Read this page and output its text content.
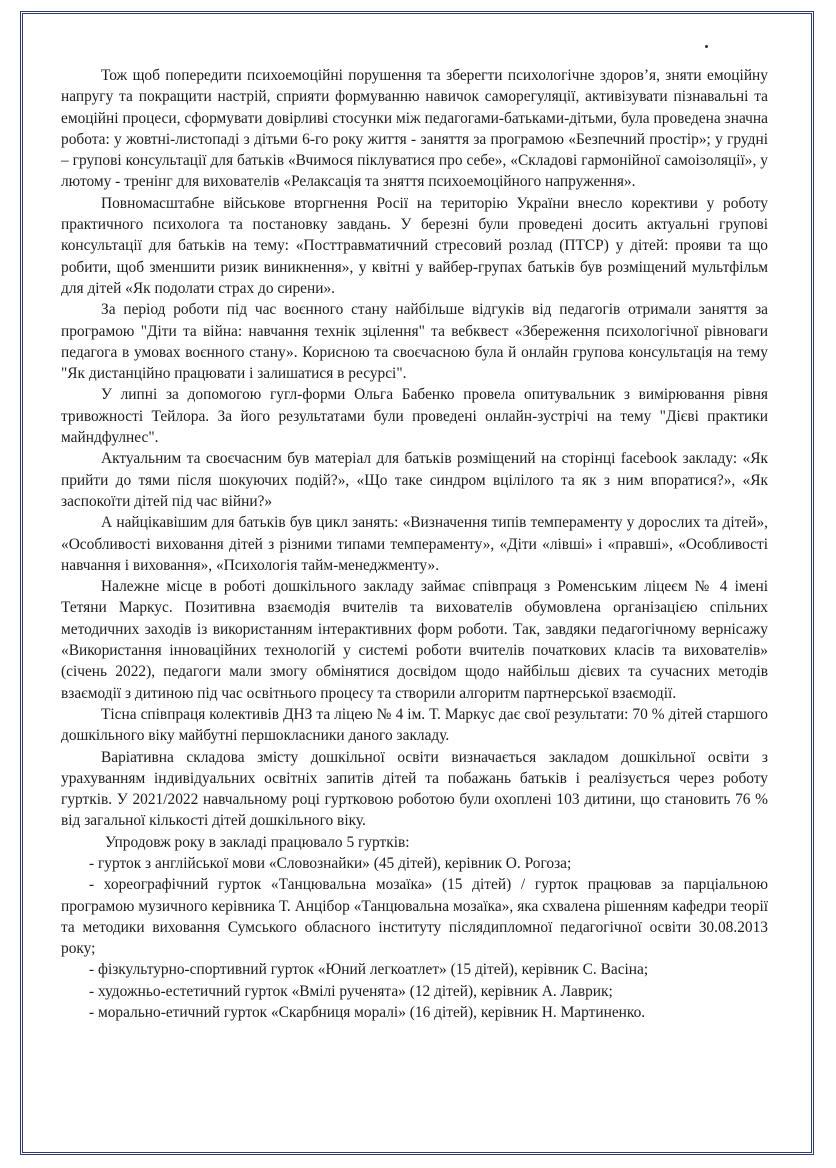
Тож щоб попередити психоемоційні порушення та зберегти психологічне здоров’я, зняти емоційну напругу та покращити настрій, сприяти формуванню навичок саморегуляції, активізувати пізнавальні та емоційні процеси, сформувати довірливі стосунки між педагогами-батьками-дітьми, була проведена значна робота: у жовтні-листопаді з дітьми 6-го року життя - заняття за програмою «Безпечний простір»; у грудні – групові консультації для батьків «Вчимося піклуватися про себе», «Складові гармонійної самоізоляції», у лютому - тренінг для вихователів «Релаксація та зняття психоемоційного напруження».

Повномасштабне військове вторгнення Росії на територію України внесло корективи у роботу практичного психолога та постановку завдань. У березні були проведені досить актуальні групові консультації для батьків на тему: «Посттравматичний стресовий розлад (ПТСР) у дітей: прояви та що робити, щоб зменшити ризик виникнення», у квітні у вайбер-групах батьків був розміщений мультфільм для дітей «Як подолати страх до сирени».

За період роботи під час воєнного стану найбільше відгуків від педагогів отримали заняття за програмою "Діти та війна: навчання технік зцілення" та вебквест «Збереження психологічної рівноваги педагога в умовах воєнного стану». Корисною та своєчасною була й онлайн групова консультація на тему "Як дистанційно працювати і залишатися в ресурсі".

У липні за допомогою гугл-форми Ольга Бабенко провела опитувальник з вимірювання рівня тривожності Тейлора. За його результатами були проведені онлайн-зустрічі на тему "Дієві практики майндфулнес".

Актуальним та своєчасним був матеріал для батьків розміщений на сторінці facebook закладу: «Як прийти до тями після шокуючих подій?», «Що таке синдром вцілілого та як з ним впоратися?», «Як заспокоїти дітей під час війни?»

А найцікавішим для батьків був цикл занять: «Визначення типів темпераменту у дорослих та дітей», «Особливості виховання дітей з різними типами темпераменту», «Діти «лівші» і «правші», «Особливості навчання і виховання», «Психологія тайм-менеджменту».

Належне місце в роботі дошкільного закладу займає співпраця з Роменським ліцеєм № 4 імені Тетяни Маркус. Позитивна взаємодія вчителів та вихователів обумовлена організацією спільних методичних заходів із використанням інтерактивних форм роботи. Так, завдяки педагогічному вернісажу «Використання інноваційних технологій у системі роботи вчителів початкових класів та вихователів» (січень 2022), педагоги мали змогу обмінятися досвідом щодо найбільш дієвих та сучасних методів взаємодії з дитиною під час освітнього процесу та створили алгоритм партнерської взаємодії.

Тісна співпраця колективів ДНЗ та ліцею № 4 ім. Т. Маркус дає свої результати: 70 % дітей старшого дошкільного віку майбутні першокласники даного закладу.

Варіативна складова змісту дошкільної освіти визначається закладом дошкільної освіти з урахуванням індивідуальних освітніх запитів дітей та побажань батьків і реалізується через роботу гуртків. У 2021/2022 навчальному році гуртковою роботою були охоплені 103 дитини, що становить 76 % від загальної кількості дітей дошкільного віку.

Упродовж року в закладі працювало 5 гуртків:

- гурток з англійської мови «Словознайки» (45 дітей), керівник О. Рогоза;
- хореографічний гурток «Танцювальна мозаїка» (15 дітей) / гурток працював за парціальною програмою музичного керівника Т. Анцібор «Танцювальна мозаїка», яка схвалена рішенням кафедри теорії та методики виховання Сумського обласного інституту післядипломної педагогічної освіти 30.08.2013 року;
- фізкультурно-спортивний гурток «Юний легкоатлет» (15 дітей), керівник С. Васіна;
- художньо-естетичний гурток «Вмілі рученята» (12 дітей), керівник А. Лаврик;
- морально-етичний гурток «Скарбниця моралі» (16 дітей), керівник Н. Мартиненко.
